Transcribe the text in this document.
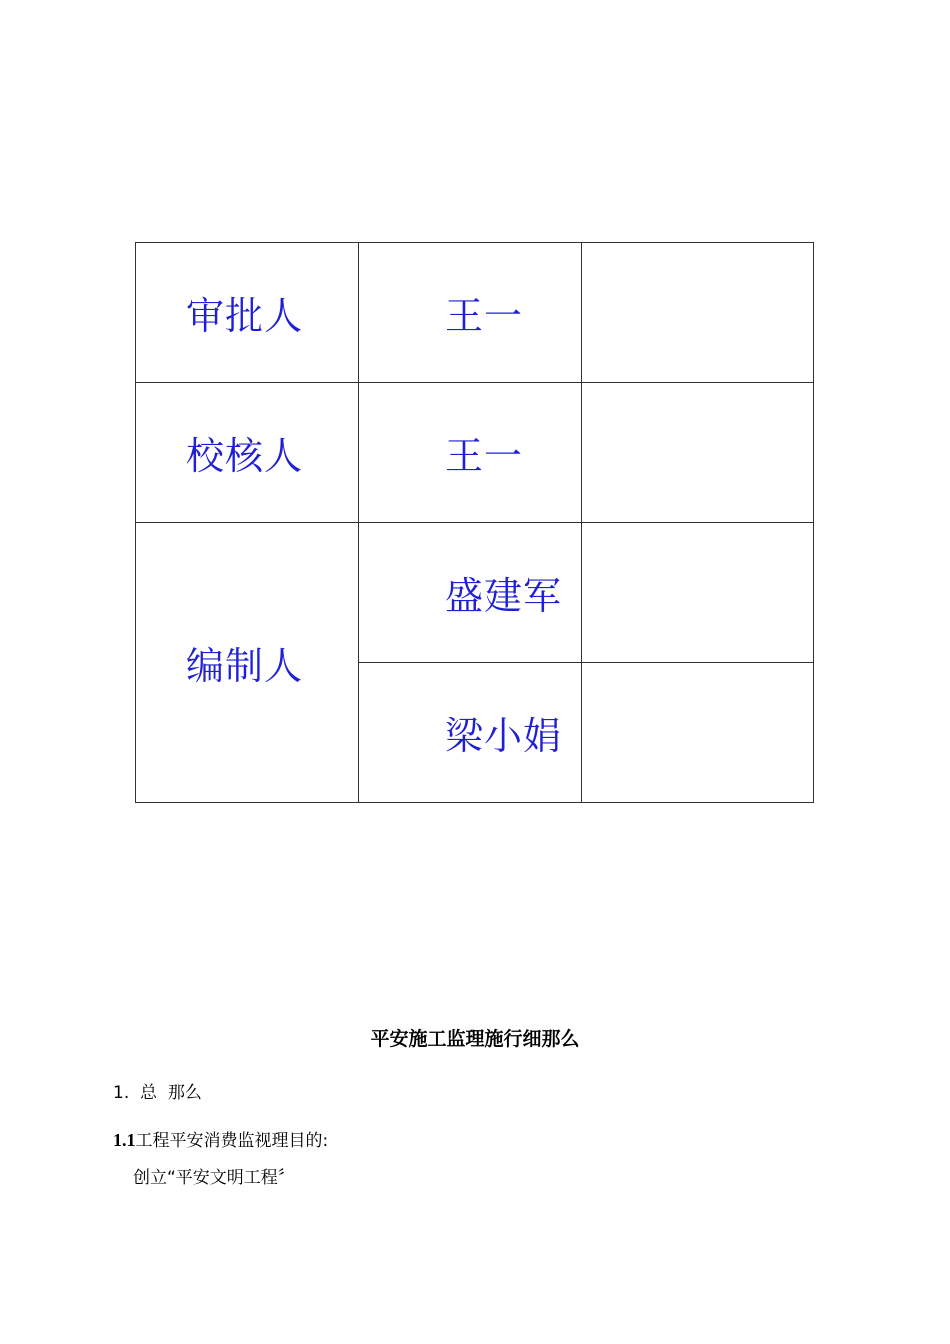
审批人	王一	
校核人	王一	
编制人	盛建军	
	梁小娟	
平安施工监理施行细那么
1. 总  那么
1.1工程平安消费监视理目的:
创立“平安文明工程〞
